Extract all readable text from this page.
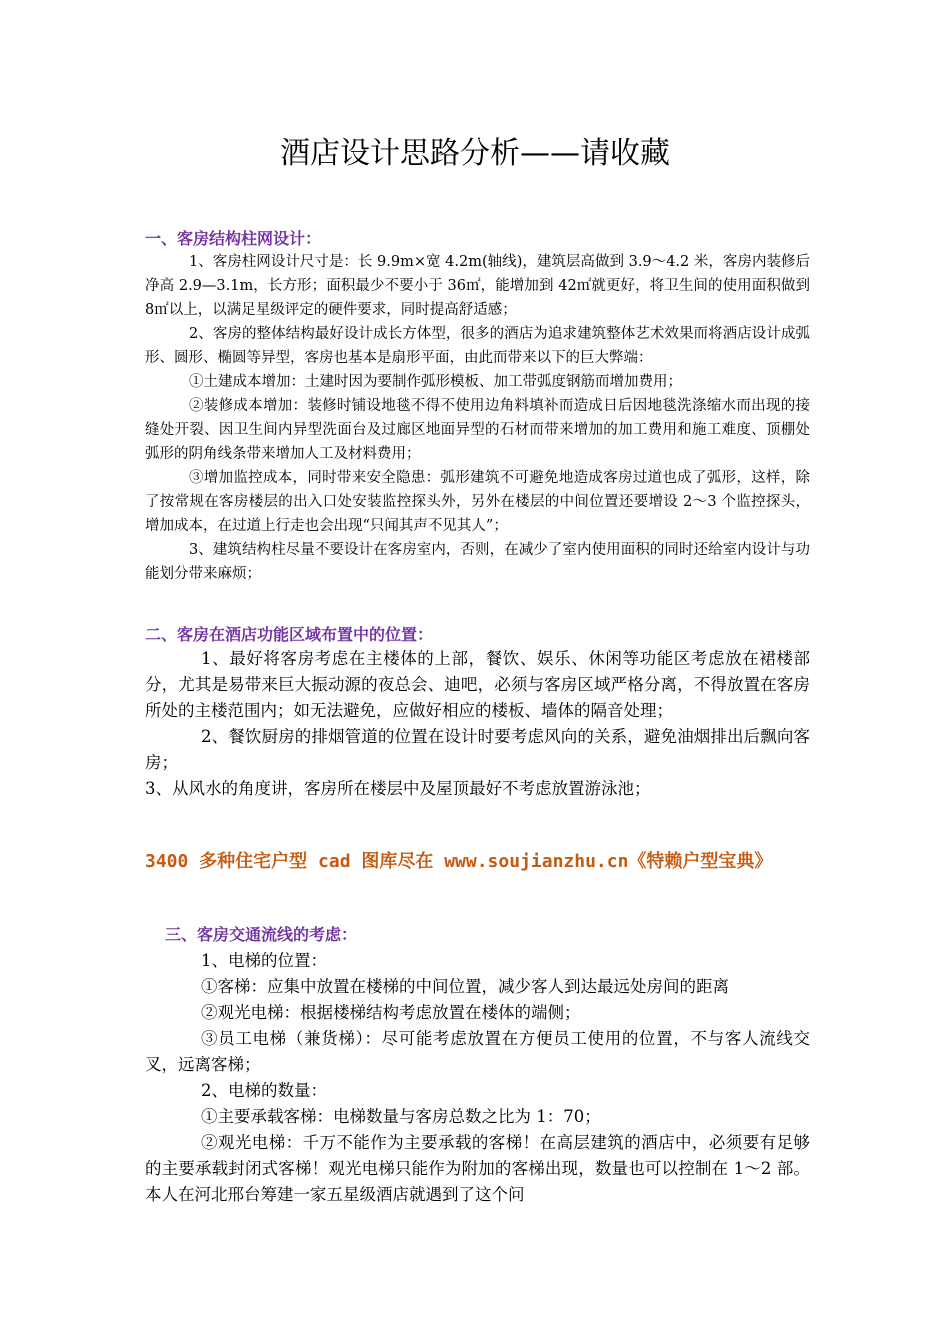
酒店设计思路分析——请收藏
一、客房结构柱网设计：

1、客房柱网设计尺寸是：长 9.9m×宽 4.2m(轴线)，建筑层高做到 3.9～4.2 米，客房内装修后净高 2.9—3.1m，长方形；面积最少不要小于 36㎡，能增加到 42㎡就更好，将卫生间的使用面积做到 8㎡以上，以满足星级评定的硬件要求，同时提高舒适感；

2、客房的整体结构最好设计成长方体型，很多的酒店为追求建筑整体艺术效果而将酒店设计成弧形、圆形、椭圆等异型，客房也基本是扇形平面，由此而带来以下的巨大弊端：

①土建成本增加：土建时因为要制作弧形模板、加工带弧度钢筋而增加费用；

②装修成本增加：装修时铺设地毯不得不使用边角料填补而造成日后因地毯洗涤缩水而出现的接缝处开裂、因卫生间内异型洗面台及过廊区地面异型的石材而带来增加的加工费用和施工难度、顶棚处弧形的阴角线条带来增加人工及材料费用；

③增加监控成本，同时带来安全隐患：弧形建筑不可避免地造成客房过道也成了弧形，这样，除了按常规在客房楼层的出入口处安装监控探头外，另外在楼层的中间位置还要增设 2～3 个监控探头，增加成本，在过道上行走也会出现“只闻其声不见其人”；

3、建筑结构柱尽量不要设计在客房室内，否则，在减少了室内使用面积的同时还给室内设计与功能划分带来麻烦；

二、客房在酒店功能区域布置中的位置：

1、最好将客房考虑在主楼体的上部，餐饮、娱乐、休闲等功能区考虑放在裙楼部分，尤其是易带来巨大振动源的夜总会、迪吧，必须与客房区域严格分离，不得放置在客房所处的主楼范围内；如无法避免，应做好相应的楼板、墙体的隔音处理；

2、餐饮厨房的排烟管道的位置在设计时要考虑风向的关系，避免油烟排出后飘向客房；

3、从风水的角度讲，客房所在楼层中及屋顶最好不考虑放置游泳池；

3400 多种住宅户型 cad 图库尽在 www.soujianzhu.cn《特赖户型宝典》
三、客房交通流线的考虑：

1、电梯的位置：

①客梯：应集中放置在楼梯的中间位置，减少客人到达最远处房间的距离

②观光电梯：根据楼梯结构考虑放置在楼体的端侧；

③员工电梯（兼货梯）：尽可能考虑放置在方便员工使用的位置，不与客人流线交叉，远离客梯；

2、电梯的数量：

①主要承载客梯：电梯数量与客房总数之比为 1：70；

②观光电梯：千万不能作为主要承载的客梯！在高层建筑的酒店中，必须要有足够的主要承载封闭式客梯！观光电梯只能作为附加的客梯出现，数量也可以控制在 1～2 部。本人在河北邢台筹建一家五星级酒店就遇到了这个问
